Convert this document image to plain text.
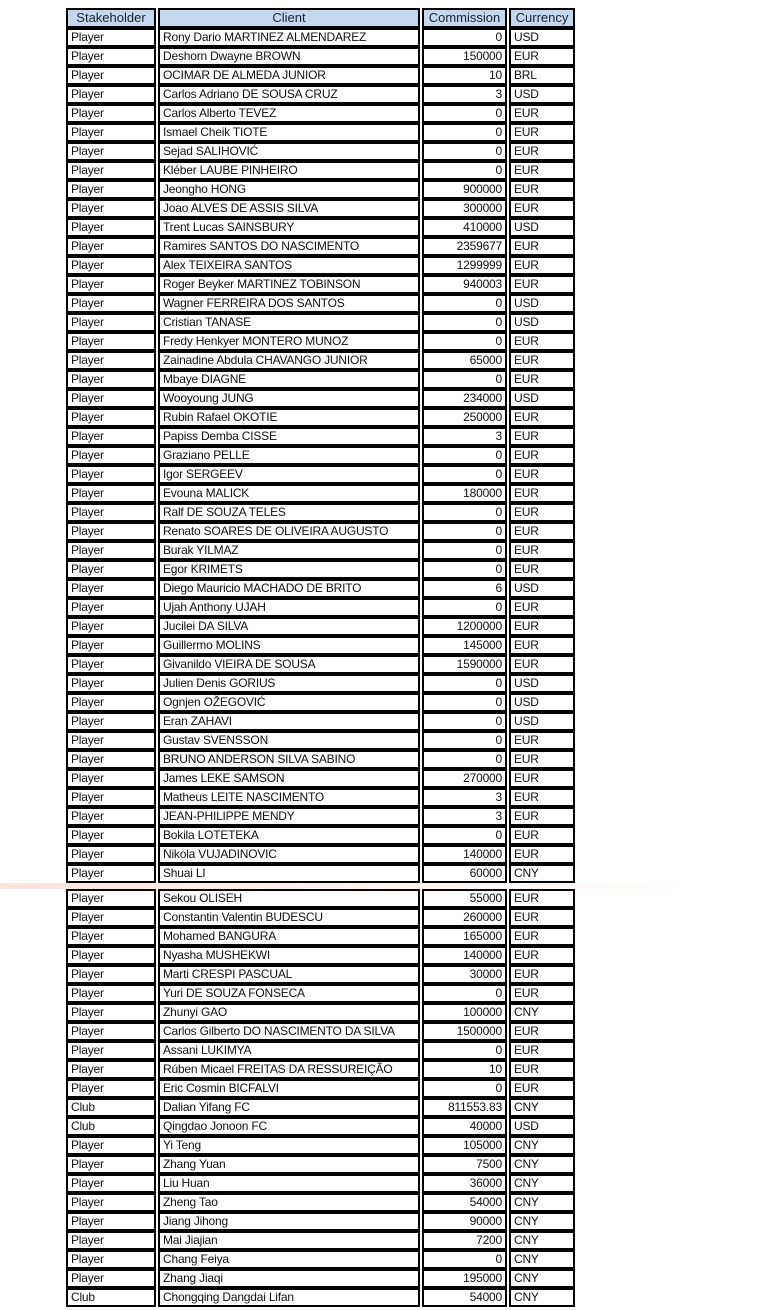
Stakeholder	Client	Commission	Currency
Player	Rony Dario MARTINEZ ALMENDAREZ	0	USD
Player	Deshorn Dwayne BROWN	150000	EUR
Player	OCIMAR DE ALMEDA JUNIOR	10	BRL
Player	Carlos Adriano DE SOUSA CRUZ	3	USD
Player	Carlos Alberto TEVEZ	0	EUR
Player	Ismael Cheik TIOTE	0	EUR
Player	Sejad SALIHOVIĆ	0	EUR
Player	Kléber LAUBE PINHEIRO	0	EUR
Player	Jeongho HONG	900000	EUR
Player	Joao ALVES DE ASSIS SILVA	300000	EUR
Player	Trent Lucas SAINSBURY	410000	USD
Player	Ramires SANTOS DO NASCIMENTO	2359677	EUR
Player	Alex TEIXEIRA SANTOS	1299999	EUR
Player	Roger Beyker MARTINEZ TOBINSON	940003	EUR
Player	Wagner FERREIRA DOS SANTOS	0	USD
Player	Cristian TANASE	0	USD
Player	Fredy Henkyer MONTERO MUNOZ	0	EUR
Player	Zainadine Abdula CHAVANGO JUNIOR	65000	EUR
Player	Mbaye DIAGNE	0	EUR
Player	Wooyoung JUNG	234000	USD
Player	Rubin Rafael OKOTIE	250000	EUR
Player	Papiss Demba CISSE	3	EUR
Player	Graziano PELLE	0	EUR
Player	Igor SERGEEV	0	EUR
Player	Evouna MALICK	180000	EUR
Player	Ralf DE SOUZA TELES	0	EUR
Player	Renato SOARES DE OLIVEIRA AUGUSTO	0	EUR
Player	Burak YILMAZ	0	EUR
Player	Egor KRIMETS	0	EUR
Player	Diego Mauricio MACHADO DE BRITO	6	USD
Player	Ujah Anthony UJAH	0	EUR
Player	Jucilei DA SILVA	1200000	EUR
Player	Guillermo MOLINS	145000	EUR
Player	Givanildo VIEIRA DE SOUSA	1590000	EUR
Player	Julien Denis GORIUS	0	USD
Player	Ognjen OŽEGOVIĆ	0	USD
Player	Eran ZAHAVI	0	USD
Player	Gustav SVENSSON	0	EUR
Player	BRUNO ANDERSON SILVA SABINO	0	EUR
Player	James LEKE SAMSON	270000	EUR
Player	Matheus LEITE NASCIMENTO	3	EUR
Player	JEAN-PHILIPPE MENDY	3	EUR
Player	Bokila LOTETEKA	0	EUR
Player	Nikola VUJADINOVIC	140000	EUR
Player	Shuai LI	60000	CNY
Player	Sekou OLISEH	55000	EUR
Player	Constantin Valentin BUDESCU	260000	EUR
Player	Mohamed BANGURA	165000	EUR
Player	Nyasha MUSHEKWI	140000	EUR
Player	Marti CRESPI PASCUAL	30000	EUR
Player	Yuri DE SOUZA FONSECA	0	EUR
Player	Zhunyi GAO	100000	CNY
Player	Carlos Gilberto DO NASCIMENTO DA SILVA	1500000	EUR
Player	Assani LUKIMYA	0	EUR
Player	Rúben Micael FREITAS DA RESSUREIÇÃO	10	EUR
Player	Eric Cosmin BICFALVI	0	EUR
Club	Dalian Yifang FC	811553.83	CNY
Club	Qingdao Jonoon FC	40000	USD
Player	Yi Teng	105000	CNY
Player	Zhang Yuan	7500	CNY
Player	Liu Huan	36000	CNY
Player	Zheng Tao	54000	CNY
Player	Jiang Jihong	90000	CNY
Player	Mai Jiajian	7200	CNY
Player	Chang Feiya	0	CNY
Player	Zhang Jiaqi	195000	CNY
Club	Chongqing Dangdai Lifan	54000	CNY
